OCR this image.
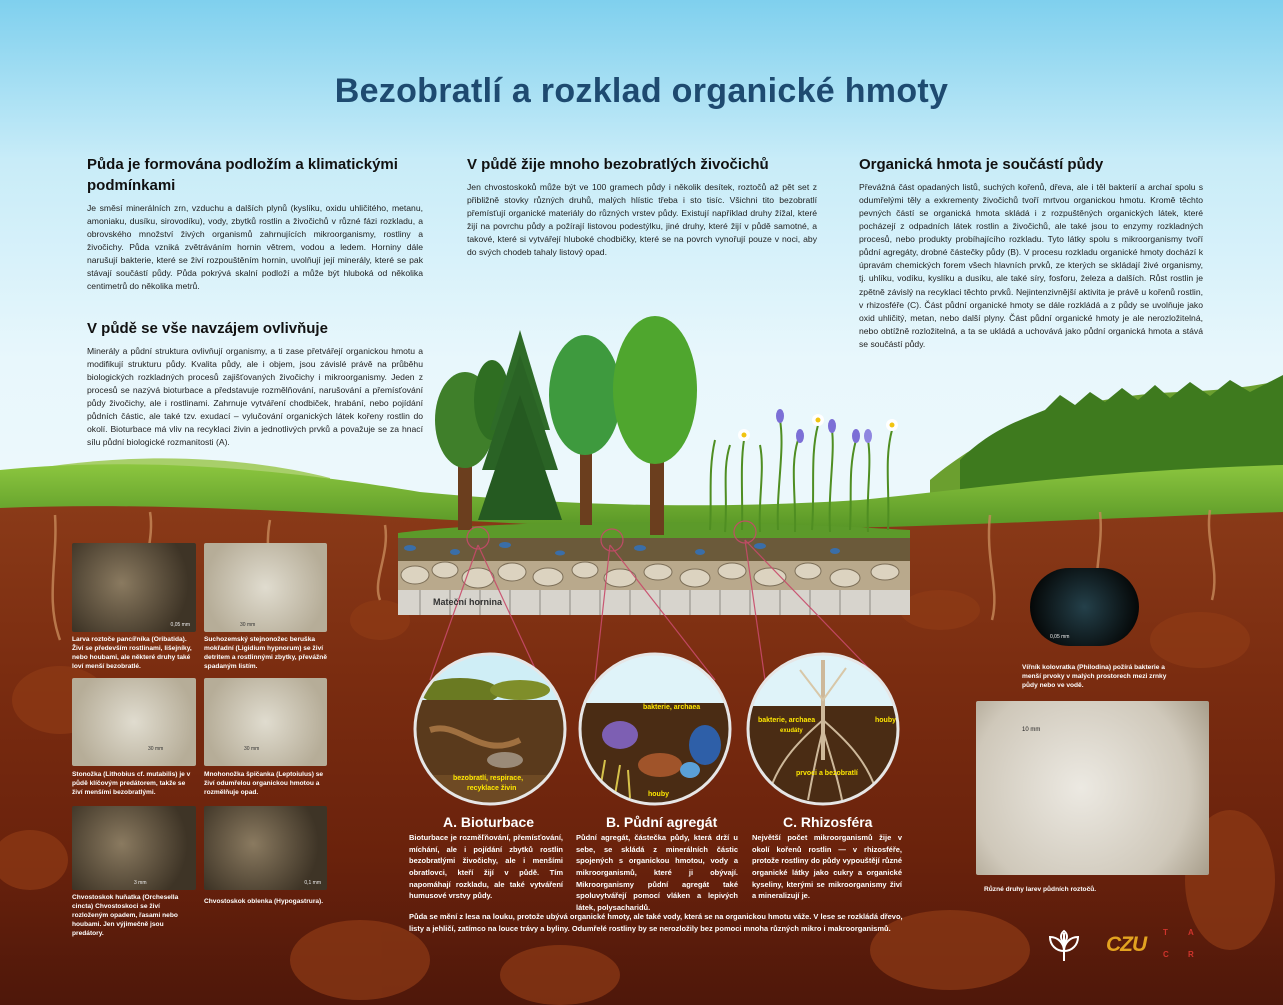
Bezobratlí a rozklad organické hmoty
Půda je formována podložím a klimatickými podmínkami

Je směsí minerálních zrn, vzduchu a dalších plynů (kyslíku, oxidu uhličitého, metanu, amoniaku, dusíku, sirovodíku), vody, zbytků rostlin a živočichů v různé fázi rozkladu, a obrovského množství živých organismů zahrnujících mikroorganismy, rostliny a živočichy. Půda vzniká zvětráváním hornin větrem, vodou a ledem. Horniny dále narušují bakterie, které se živí rozpouštěním hornin, uvolňují její minerály, které se pak stávají součástí půdy. Půda pokrývá skalní podloží a může být hluboká od několika centimetrů do několika metrů.

V půdě se vše navzájem ovlivňuje

Minerály a půdní struktura ovlivňují organismy, a ti zase přetvářejí organickou hmotu a modifikují strukturu půdy. Kvalita půdy, ale i objem, jsou závislé právě na průběhu biologických rozkladných procesů zajišťovaných živočichy i mikroorganismy. Jeden z procesů se nazývá bioturbace a představuje rozmělňování, narušování a přemísťování půdy živočichy, ale i rostlinami. Zahrnuje vytváření chodbiček, hrabání, nebo pojídání půdních částic, ale také tzv. exudací – vylučování organických látek kořeny rostlin do okolí. Bioturbace má vliv na recyklaci živin a jednotlivých prvků a považuje se za hnací sílu půdní biologické rozmanitosti (A).

V půdě žije mnoho bezobratlých živočichů

Jen chvostoskoků může být ve 100 gramech půdy i několik desítek, roztočů až pět set z přibližně stovky různých druhů, malých hlístic třeba i sto tisíc. Všichni tito bezobratlí přemísťují organické materiály do různých vrstev půdy. Existují například druhy žížal, které žijí na povrchu půdy a požírají listovou podestýlku, jiné druhy, které žijí v půdě samotné, a takové, které si vytvářejí hluboké chodbičky, které se na povrch vynořují pouze v noci, aby do svých chodeb tahaly listový opad.

Organická hmota je součástí půdy

Převážná část opadaných listů, suchých kořenů, dřeva, ale i těl bakterií a archaí spolu s odumřelými těly a exkrementy živočichů tvoří mrtvou organickou hmotu. Kromě těchto pevných částí se organická hmota skládá i z rozpuštěných organických látek, které pocházejí z odpadních látek rostlin a živočichů, ale také jsou to enzymy rozkladných procesů, nebo produkty probíhajícího rozkladu. Tyto látky spolu s mikroorganismy tvoří půdní agregáty, drobné částečky půdy (B). V procesu rozkladu organické hmoty dochází k úpravám chemických forem všech hlavních prvků, ze kterých se skládají živé organismy, tj. uhlíku, vodíku, kyslíku a dusíku, ale také síry, fosforu, železa a dalších. Růst rostlin je zpětně závislý na recyklaci těchto prvků. Nejintenzivnější aktivita je právě u kořenů rostlin, v rhizosféře (C). Část půdní organické hmoty se dále rozkládá a z půdy se uvolňuje jako oxid uhličitý, metan, nebo další plyny. Část půdní organické hmoty je ale nerozložitelná, nebo obtížně rozložitelná, a ta se ukládá a uchovává jako půdní organická hmota a stává se součástí půdy.

Mateční hornina
0,05 mm
Larva roztoče pancířníka (Oribatida). Živí se především rostlinami, lišejníky, nebo houbami, ale některé druhy také loví menší bezobratlé.
30 mm
Suchozemský stejnonožec beruška mokřadní (Ligidium hypnorum) se živí detritem a rostlinnými zbytky, převážně spadaným listím.
30 mm
Stonožka (Lithobius cf. mutabilis) je v půdě klíčovým predátorem, takže se živí menšími bezobratlými.
30 mm
Mnohonožka špičanka (Leptoiulus) se živí odumřelou organickou hmotou a rozmělňuje opad.
3 mm
Chvostoskok huňatka (Orchesella cincta) Chvostoskoci se živí rozloženým opadem, řasami nebo houbami. Jen výjimečně jsou predátory.
0,1 mm
Chvostoskok oblenka (Hypogastrura).
0,05 mm
Vířník kolovratka (Philodina) požírá bakterie a menší prvoky v malých prostorech mezi zrnky půdy nebo ve vodě.
10 mm
Různé druhy larev půdních roztočů.
bezobratlí, respirace,
recyklace živin
bakterie, archaea
houby
bakterie, archaea	houby
exudáty
prvoci a bezobratlí
A. Bioturbace
Bioturbace je rozměľňování, přemísťování, míchání, ale i pojídání zbytků rostlin bezobratlými živočichy, ale i menšími obratlovci, kteří žijí v půdě. Tím napomáhají rozkladu, ale také vytváření humusové vrstvy půdy.
B. Půdní agregát
Půdní agregát, částečka půdy, která drží u sebe, se skládá z minerálních částic spojených s organickou hmotou, vody a mikroorganismů, které ji obývají. Mikroorganismy půdní agregát také spoluvytvářejí pomocí vláken a lepivých látek, polysacharidů.
C. Rhizosféra
Největší počet mikroorganismů žije v okolí kořenů rostlin — v rhizosféře, protože rostliny do půdy vypouštějí různé organické látky jako cukry a organické kyseliny, kterými se mikroorganismy živí a mineralizují je.
Půda se mění z lesa na louku, protože ubývá organické hmoty, ale také vody, která se na organickou hmotu váže. V lese se rozkládá dřevo, listy a jehličí, zatímco na louce trávy a byliny. Odumřelé rostliny by se nerozložily bez pomoci mnoha různých mikro i makroorganismů.
CZU
T	A
C R
